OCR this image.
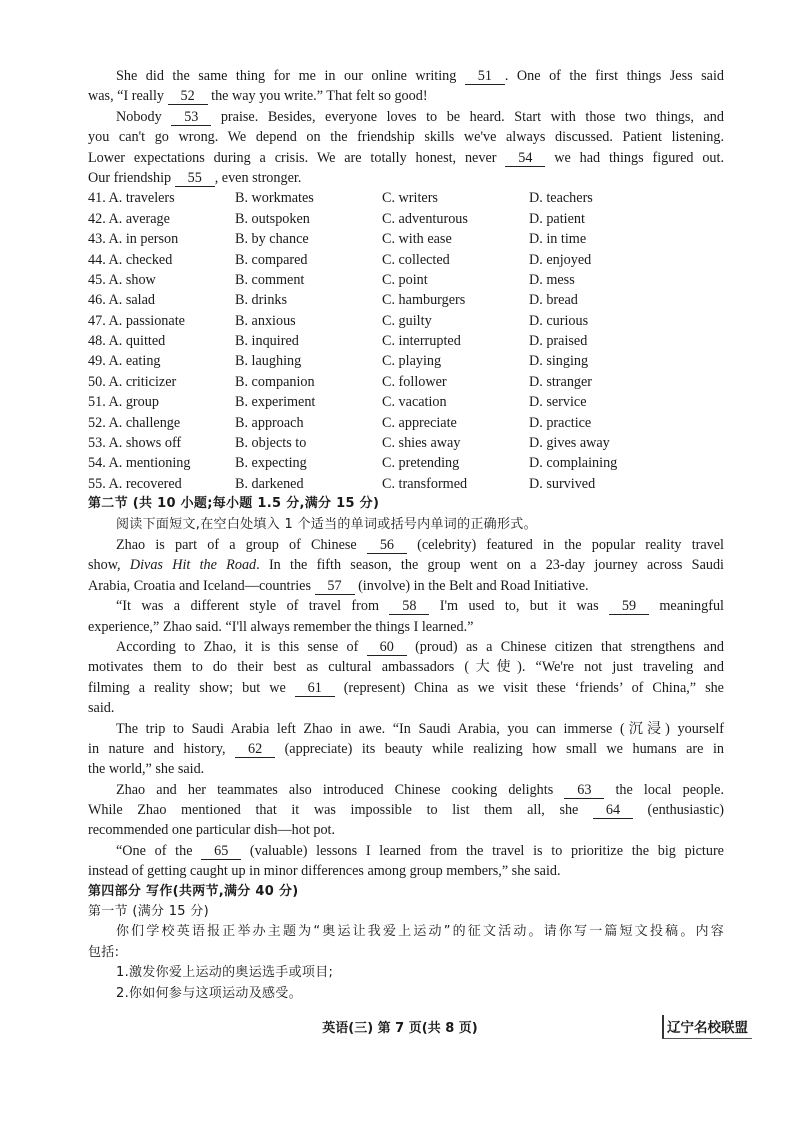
She did the same thing for me in our online writing 51 . One of the first things Jess said
was, “I really 52 the way you write.” That felt so good!
Nobody 53 praise. Besides, everyone loves to be heard. Start with those two things, and
you can't go wrong. We depend on the friendship skills we've always discussed. Patient listening.
Lower expectations during a crisis. We are totally honest, never 54 we had things figured out.
Our friendship 55 , even stronger.
41. A. travelers	B. workmates	C. writers	D. teachers
42. A. average	B. outspoken	C. adventurous	D. patient
43. A. in person	B. by chance	C. with ease	D. in time
44. A. checked	B. compared	C. collected	D. enjoyed
45. A. show	B. comment	C. point	D. mess
46. A. salad	B. drinks	C. hamburgers	D. bread
47. A. passionate	B. anxious	C. guilty	D. curious
48. A. quitted	B. inquired	C. interrupted	D. praised
49. A. eating	B. laughing	C. playing	D. singing
50. A. criticizer	B. companion	C. follower	D. stranger
51. A. group	B. experiment	C. vacation	D. service
52. A. challenge	B. approach	C. appreciate	D. practice
53. A. shows off	B. objects to	C. shies away	D. gives away
54. A. mentioning	B. expecting	C. pretending	D. complaining
55. A. recovered	B. darkened	C. transformed	D. survived
第二节 (共 10 小题;每小题 1.5 分,满分 15 分)
阅读下面短文,在空白处填入 1 个适当的单词或括号内单词的正确形式。
Zhao is part of a group of Chinese 56 (celebrity) featured in the popular reality travel
show, Divas Hit the Road. In the fifth season, the group went on a 23-day journey across Saudi
Arabia, Croatia and Iceland—countries 57 (involve) in the Belt and Road Initiative.
“It was a different style of travel from 58 I'm used to, but it was 59 meaningful
experience,” Zhao said. “I'll always remember the things I learned.”
According to Zhao, it is this sense of 60 (proud) as a Chinese citizen that strengthens and
motivates them to do their best as cultural ambassadors (大使). “We're not just traveling and
filming a reality show; but we 61 (represent) China as we visit these ‘friends’ of China,” she
said.
The trip to Saudi Arabia left Zhao in awe. “In Saudi Arabia, you can immerse (沉浸) yourself
in nature and history, 62 (appreciate) its beauty while realizing how small we humans are in
the world,” she said.
Zhao and her teammates also introduced Chinese cooking delights 63 the local people.
While Zhao mentioned that it was impossible to list them all, she 64 (enthusiastic)
recommended one particular dish—hot pot.
“One of the 65 (valuable) lessons I learned from the travel is to prioritize the big picture
instead of getting caught up in minor differences among group members,” she said.
第四部分 写作(共两节,满分 40 分)
第一节 (满分 15 分)
你们学校英语报正举办主题为“奥运让我爱上运动”的征文活动。请你写一篇短文投稿。内容
包括:
1.激发你爱上运动的奥运选手或项目;
2.你如何参与这项运动及感受。
英语(三) 第 7 页(共 8 页)	辽宁名校联盟
